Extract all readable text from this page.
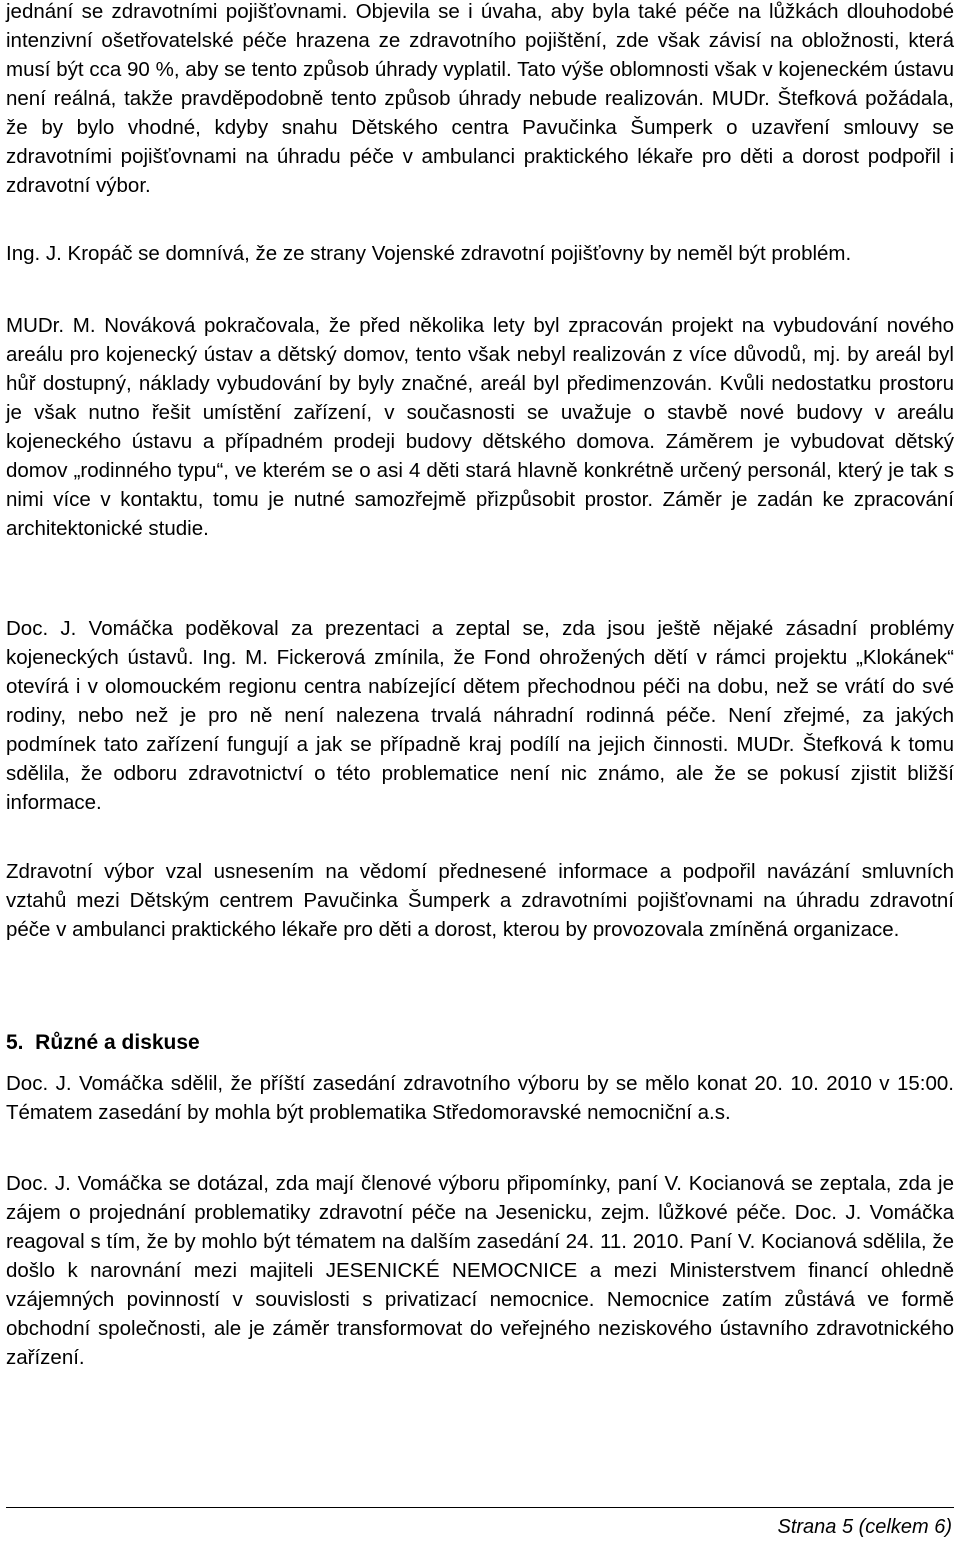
jednání se zdravotními pojišťovnami. Objevila se i úvaha, aby byla také péče na lůžkách dlouhodobé intenzivní ošetřovatelské péče hrazena ze zdravotního pojištění, zde však závisí na obložnosti, která musí být cca 90 %, aby se tento způsob úhrady vyplatil. Tato výše oblomnosti však v kojeneckém ústavu není reálná, takže pravděpodobně tento způsob úhrady nebude realizován. MUDr. Štefková požádala, že by bylo vhodné, kdyby snahu Dětského centra Pavučinka Šumperk o uzavření smlouvy se zdravotními pojišťovnami na úhradu péče v ambulanci praktického lékaře pro děti a dorost podpořil i zdravotní výbor.

Ing. J. Kropáč se domnívá, že ze strany Vojenské zdravotní pojišťovny by neměl být problém.

MUDr. M. Nováková pokračovala, že před několika lety byl zpracován projekt na vybudování nového areálu pro kojenecký ústav a dětský domov, tento však nebyl realizován z více důvodů, mj. by areál byl hůř dostupný, náklady vybudování by byly značné, areál byl předimenzován. Kvůli nedostatku prostoru je však nutno řešit umístění zařízení, v současnosti se uvažuje o stavbě nové budovy v areálu kojeneckého ústavu a případném prodeji budovy dětského domova. Záměrem je vybudovat dětský domov „rodinného typu“, ve kterém se o asi 4 děti stará hlavně konkrétně určený personál, který je tak s nimi více v kontaktu, tomu je nutné samozřejmě přizpůsobit prostor. Záměr je zadán ke zpracování architektonické studie.

Doc. J. Vomáčka poděkoval za prezentaci a zeptal se, zda jsou ještě nějaké zásadní problémy kojeneckých ústavů. Ing. M. Fickerová zmínila, že Fond ohrožených dětí v rámci projektu „Klokánek“ otevírá i v olomouckém regionu centra nabízející dětem přechodnou péči na dobu, než se vrátí do své rodiny, nebo než je pro ně není nalezena trvalá náhradní rodinná péče. Není zřejmé, za jakých podmínek tato zařízení fungují a jak se případně kraj podílí na jejich činnosti. MUDr. Štefková k tomu sdělila, že odboru zdravotnictví o této problematice není nic známo, ale že se pokusí zjistit bližší informace.

Zdravotní výbor vzal usnesením na vědomí přednesené informace a podpořil navázání smluvních vztahů mezi Dětským centrem Pavučinka Šumperk a zdravotními pojišťovnami na úhradu zdravotní péče v ambulanci praktického lékaře pro děti a dorost, kterou by provozovala zmíněná organizace.

5.  Různé a diskuse

Doc. J. Vomáčka sdělil, že příští zasedání zdravotního výboru by se mělo konat 20. 10. 2010 v 15:00. Tématem zasedání by mohla být problematika Středomoravské nemocniční a.s.

Doc. J. Vomáčka se dotázal, zda mají členové výboru připomínky, paní V. Kocianová se zeptala, zda je zájem o projednání problematiky zdravotní péče na Jesenicku, zejm. lůžkové péče. Doc. J. Vomáčka reagoval s tím, že by mohlo být tématem na dalším zasedání 24. 11. 2010. Paní V. Kocianová sdělila, že došlo k narovnání mezi majiteli JESENICKÉ NEMOCNICE a mezi Ministerstvem financí ohledně vzájemných povinností v souvislosti s privatizací nemocnice. Nemocnice zatím zůstává ve formě obchodní společnosti, ale je záměr transformovat do veřejného neziskového ústavního zdravotnického zařízení.

Strana 5 (celkem 6)
